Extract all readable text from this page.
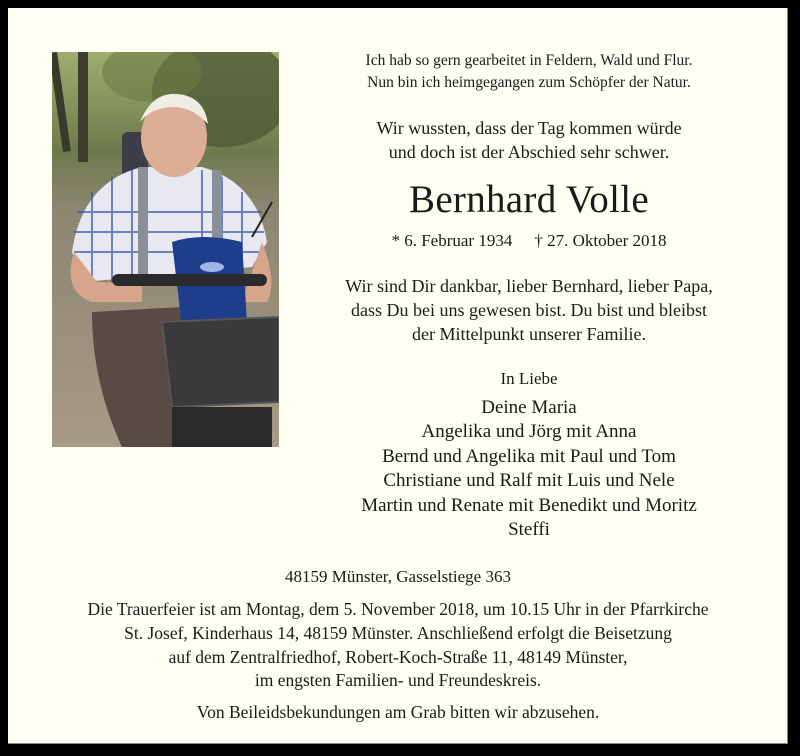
Ich hab so gern gearbeitet in Feldern, Wald und Flur.
Nun bin ich heimgegangen zum Schöpfer der Natur.
Wir wussten, dass der Tag kommen würde
und doch ist der Abschied sehr schwer.
Bernhard Volle
* 6. Februar 1934 † 27. Oktober 2018
Wir sind Dir dankbar, lieber Bernhard, lieber Papa,
dass Du bei uns gewesen bist. Du bist und bleibst
der Mittelpunkt unserer Familie.
In Liebe
Deine Maria
Angelika und Jörg mit Anna
Bernd und Angelika mit Paul und Tom
Christiane und Ralf mit Luis und Nele
Martin und Renate mit Benedikt und Moritz
Steffi
48159 Münster, Gasselstiege 363
Die Trauerfeier ist am Montag, dem 5. November 2018, um 10.15 Uhr in der Pfarrkirche
St. Josef, Kinderhaus 14, 48159 Münster. Anschließend erfolgt die Beisetzung
auf dem Zentralfriedhof, Robert-Koch-Straße 11, 48149 Münster,
im engsten Familien- und Freundeskreis.
Von Beileidsbekundungen am Grab bitten wir abzusehen.
